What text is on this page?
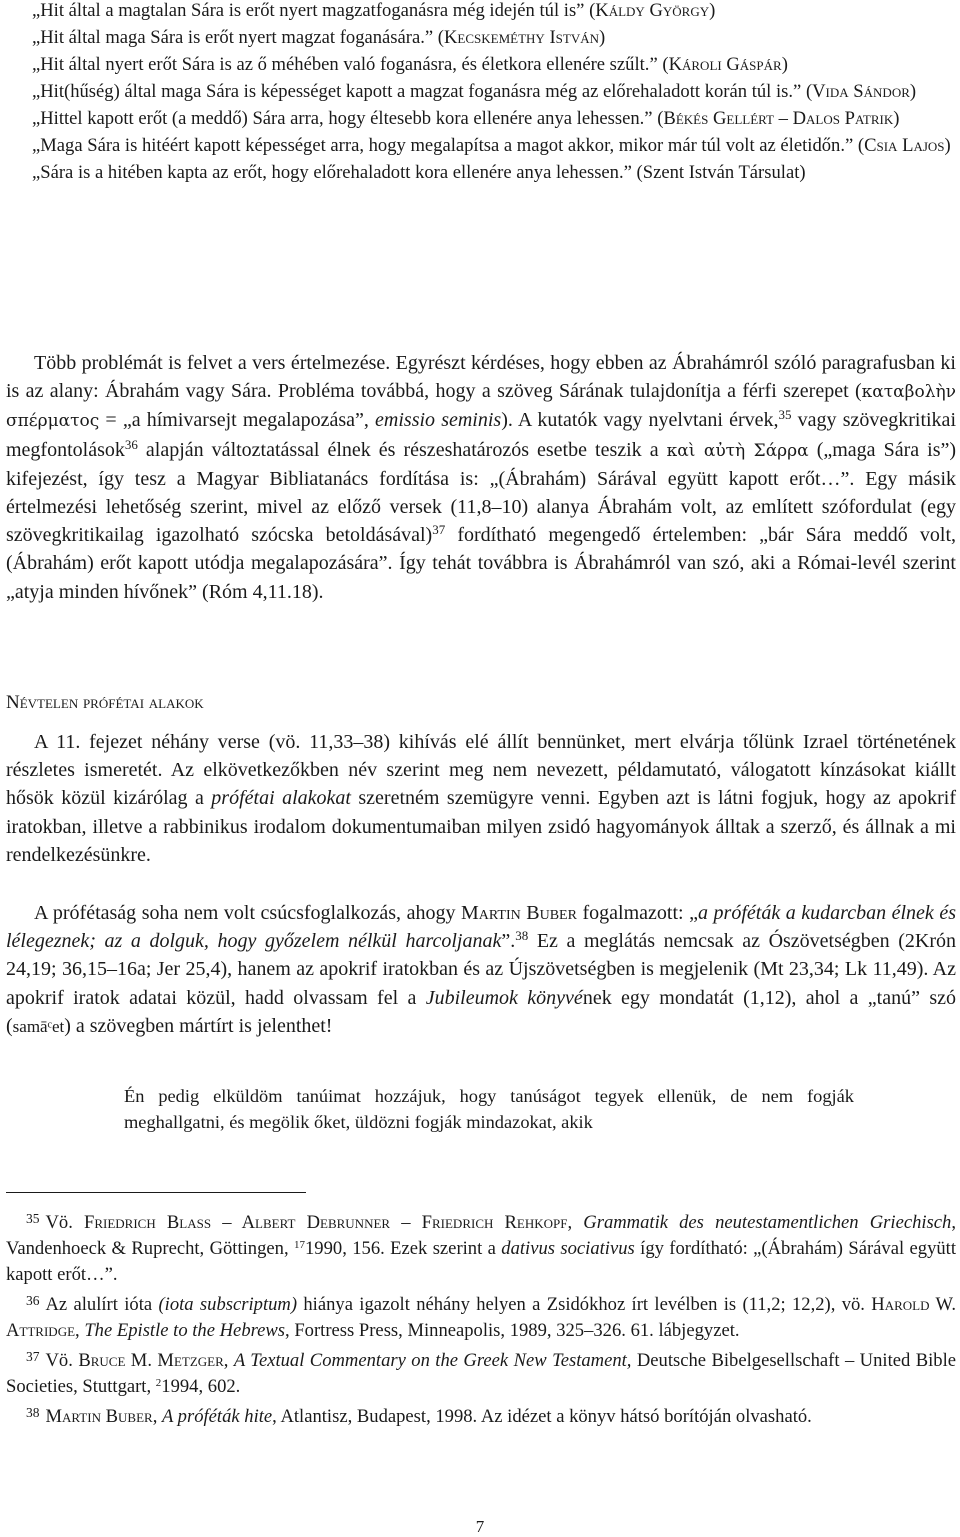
„Hit által a magtalan Sára is erőt nyert magzatfoganásra még idején túl is” (Káldy György)

„Hit által maga Sára is erőt nyert magzat foganására.” (Kecskeméthy István)

„Hit által nyert erőt Sára is az ő méhében való foganásra, és életkora ellenére szűlt.” (Károli Gáspár)

„Hit(hűség) által maga Sára is képességet kapott a magzat foganásra még az előrehaladott korán túl is.” (Vida Sándor)

„Hittel kapott erőt (a meddő) Sára arra, hogy éltesebb kora ellenére anya lehessen.” (Békés Gellért – Dalos Patrik)

„Maga Sára is hitéért kapott képességet arra, hogy megalapítsa a magot akkor, mikor már túl volt az életidőn.” (Csia Lajos)

„Sára is a hitében kapta az erőt, hogy előrehaladott kora ellenére anya lehessen.” (Szent István Társulat)

Több problémát is felvet a vers értelmezése. Egyrészt kérdéses, hogy ebben az Ábrahámról szóló paragrafusban ki is az alany: Ábrahám vagy Sára. Probléma továbbá, hogy a szöveg Sárának tulajdonítja a férfi szerepet (καταβολὴν σπέρματος = „a hímivarsejt megalapozása”, emissio seminis). A kutatók vagy nyelvtani érvek,$^{35}$ vagy szövegkritikai megfontolások$^{36}$ alapján változtatással élnek és részeshatározós esetbe teszik a καὶ αὐτὴ Σάρρα („maga Sára is”) kifejezést, így tesz a Magyar Bibliatanács fordítása is: „(Ábrahám) Sárával együtt kapott erőt…”. Egy másik értelmezési lehetőség szerint, mivel az előző versek (11,8–10) alanya Ábrahám volt, az említett szófordulat (egy szövegkritikailag igazolható szócska betoldásával)$^{37}$ fordítható megengedő értelemben: „bár Sára meddő volt, (Ábrahám) erőt kapott utódja megalapozására”. Így tehát továbbra is Ábrahámról van szó, aki a Római-levél szerint „atyja minden hívőnek” (Róm 4,11.18).

Névtelen prófétai alakok

A 11. fejezet néhány verse (vö. 11,33–38) kihívás elé állít bennünket, mert elvárja tőlünk Izrael történetének részletes ismeretét. Az elkövetkezőkben név szerint meg nem nevezett, példamutató, válogatott kínzásokat kiállt hősök közül kizárólag a prófétai alakokat szeretném szemügyre venni. Egyben azt is látni fogjuk, hogy az apokrif iratokban, illetve a rabbinikus irodalom dokumentumaiban milyen zsidó hagyományok álltak a szerző, és állnak a mi rendelkezésünkre.

A prófétaság soha nem volt csúcsfoglalkozás, ahogy Martin Buber fogalmazott: „a próféták a kudarcban élnek és lélegeznek; az a dolguk, hogy győzelem nélkül harcoljanak”.$^{38}$ Ez a meglátás nemcsak az Ószövetségben (2Krón 24,19; 36,15–16a; Jer 25,4), hanem az apokrif iratokban és az Újszövetségben is megjelenik (Mt 23,34; Lk 11,49). Az apokrif iratok adatai közül, hadd olvassam fel a Jubileumok könyvének egy mondatát (1,12), ahol a „tanú” szó (samāᶜet) a szövegben mártírt is jelenthet!

Én pedig elküldöm tanúimat hozzájuk, hogy tanúságot tegyek ellenük, de nem fogják meghallgatni, és megölik őket, üldözni fogják mindazokat, akik

$^{35}$ Vö. Friedrich Blass – Albert Debrunner – Friedrich Rehkopf, Grammatik des neutestamentlichen Griechisch, Vandenhoeck & Ruprecht, Göttingen, $^{17}$1990, 156. Ezek szerint a dativus sociativus így fordítható: „(Ábrahám) Sárával együtt kapott erőt…”.

$^{36}$ Az alulírt ióta (iota subscriptum) hiánya igazolt néhány helyen a Zsidókhoz írt levélben is (11,2; 12,2), vö. Harold W. Attridge, The Epistle to the Hebrews, Fortress Press, Minneapolis, 1989, 325–326. 61. lábjegyzet.

$^{37}$ Vö. Bruce M. Metzger, A Textual Commentary on the Greek New Testament, Deutsche Bibelgesellschaft – United Bible Societies, Stuttgart, $^2$1994, 602.

$^{38}$ Martin Buber, A próféták hite, Atlantisz, Budapest, 1998. Az idézet a könyv hátsó borítóján olvasható.

7
